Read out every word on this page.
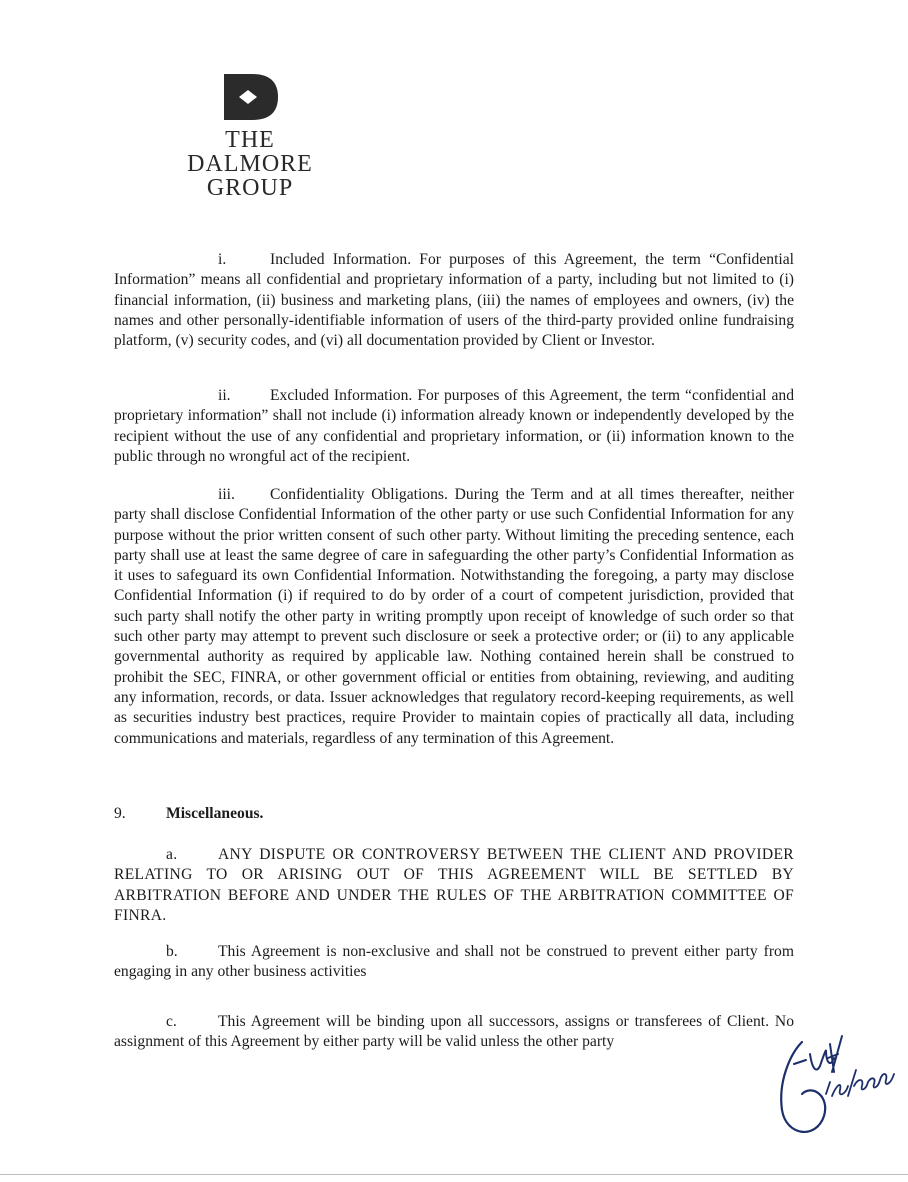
THE
DALMORE
GROUP

i.	Included Information. For purposes of this Agreement, the term “Confidential Information” means all confidential and proprietary information of a party, including but not limited to (i) financial information, (ii) business and marketing plans, (iii) the names of employees and owners, (iv) the names and other personally-identifiable information of users of the third-party provided online fundraising platform, (v) security codes, and (vi) all documentation provided by Client or Investor.

ii.	Excluded Information. For purposes of this Agreement, the term “confidential and proprietary information” shall not include (i) information already known or independently developed by the recipient without the use of any confidential and proprietary information, or (ii) information known to the public through no wrongful act of the recipient.

iii. Confidentiality Obligations. During the Term and at all times thereafter, neither party shall disclose Confidential Information of the other party or use such Confidential Information for any purpose without the prior written consent of such other party. Without limiting the preceding sentence, each party shall use at least the same degree of care in safeguarding the other party’s Confidential Information as it uses to safeguard its own Confidential Information. Notwithstanding the foregoing, a party may disclose Confidential Information (i) if required to do by order of a court of competent jurisdiction, provided that such party shall notify the other party in writing promptly upon receipt of knowledge of such order so that such other party may attempt to prevent such disclosure or seek a protective order; or (ii) to any applicable governmental authority as required by applicable law. Nothing contained herein shall be construed to prohibit the SEC, FINRA, or other government official or entities from obtaining, reviewing, and auditing any information, records, or data. Issuer acknowledges that regulatory record-keeping requirements, as well as securities industry best practices, require Provider to maintain copies of practically all data, including communications and materials, regardless of any termination of this Agreement.

9.	Miscellaneous.

a.	ANY DISPUTE OR CONTROVERSY BETWEEN THE CLIENT AND PROVIDER RELATING TO OR ARISING OUT OF THIS AGREEMENT WILL BE SETTLED BY ARBITRATION BEFORE AND UNDER THE RULES OF THE ARBITRATION COMMITTEE OF FINRA.

b.	This Agreement is non-exclusive and shall not be construed to prevent either party from engaging in any other business activities

c.	This Agreement will be binding upon all successors, assigns or transferees of Client. No assignment of this Agreement by either party will be valid unless the other party
